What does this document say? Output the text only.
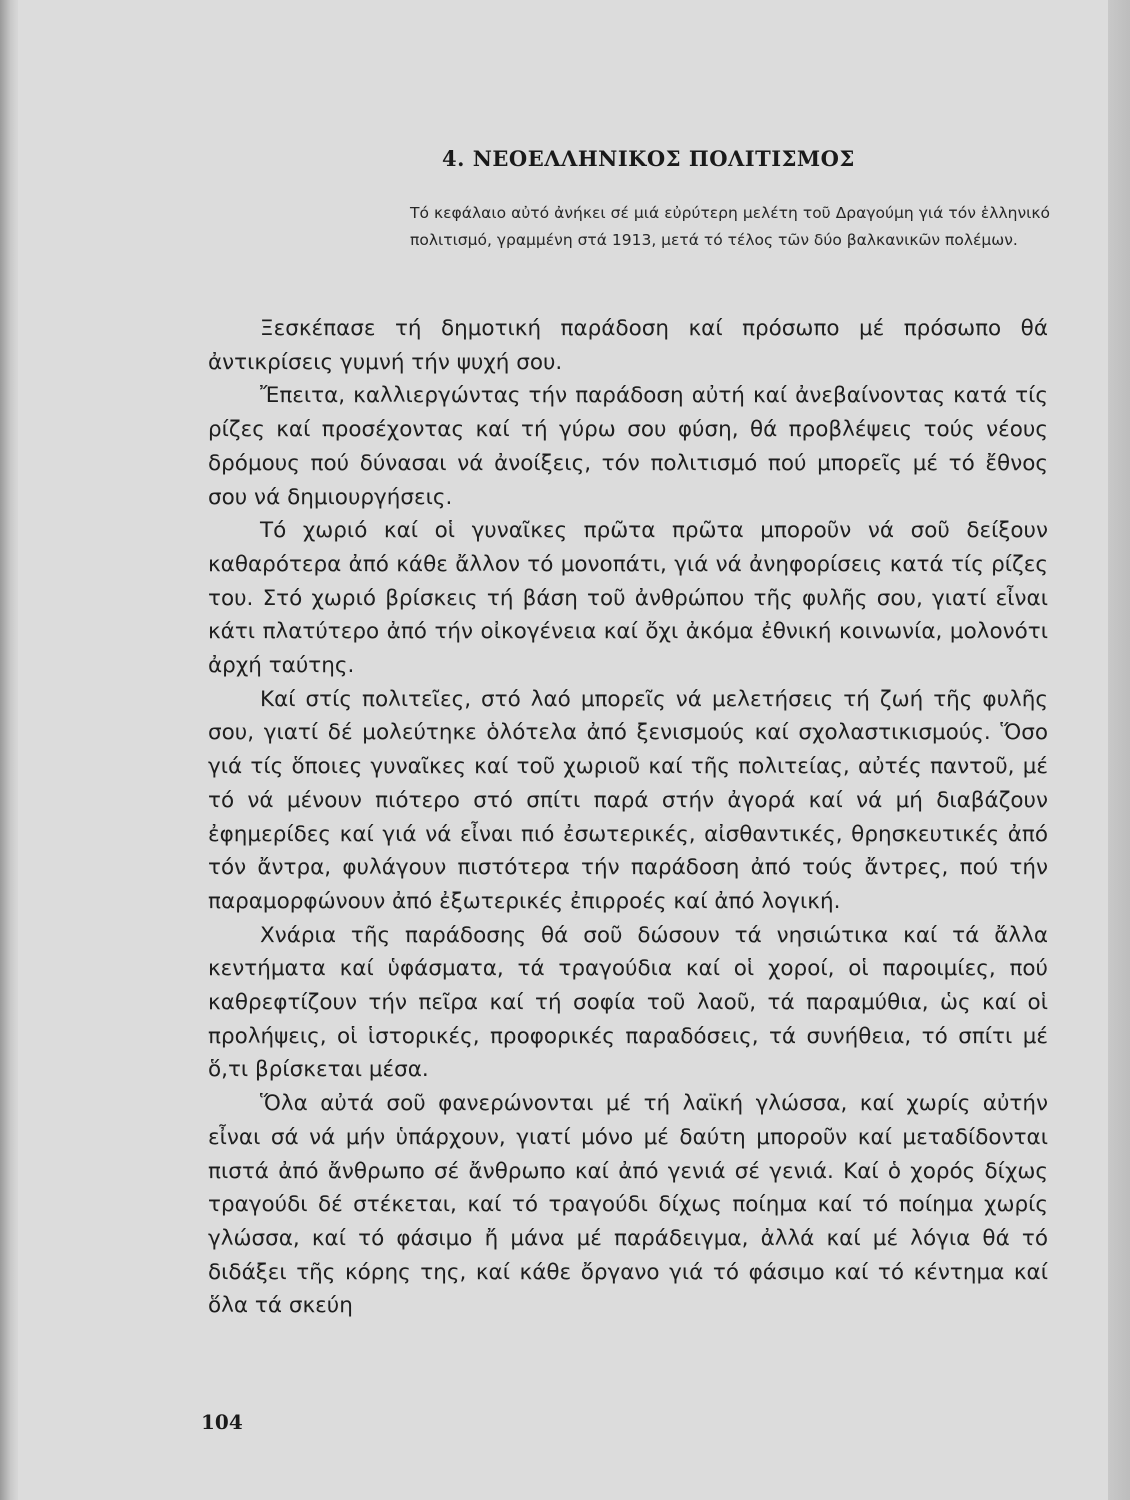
4. ΝΕΟΕΛΛΗΝΙΚΟΣ ΠΟΛΙΤΙΣΜΟΣ

Τό κεφάλαιο αὐτό ἀνήκει σέ μιά εὐρύτερη μελέτη τοῦ Δραγούμη γιά τόν ἑλληνικό πολιτισμό, γραμμένη στά 1913, μετά τό τέλος τῶν δύο βαλκανικῶν πολέμων.

Ξεσκέπασε τή δημοτική παράδοση καί πρόσωπο μέ πρόσωπο θά ἀντικρίσεις γυμνή τήν ψυχή σου.

Ἔπειτα, καλλιεργώντας τήν παράδοση αὐτή καί ἀνεβαίνοντας κατά τίς ρίζες καί προσέχοντας καί τή γύρω σου φύση, θά προβλέψεις τούς νέους δρόμους πού δύνασαι νά ἀνοίξεις, τόν πολιτισμό πού μπορεῖς μέ τό ἔθνος σου νά δημιουργήσεις.

Τό χωριό καί οἱ γυναῖκες πρῶτα πρῶτα μποροῦν νά σοῦ δείξουν καθαρότερα ἀπό κάθε ἄλλον τό μονοπάτι, γιά νά ἀνηφορίσεις κατά τίς ρίζες του. Στό χωριό βρίσκεις τή βάση τοῦ ἀνθρώπου τῆς φυλῆς σου, γιατί εἶναι κάτι πλατύτερο ἀπό τήν οἰκογένεια καί ὄχι ἀκόμα ἐθνική κοινωνία, μολονότι ἀρχή ταύτης.

Καί στίς πολιτεῖες, στό λαό μπορεῖς νά μελετήσεις τή ζωή τῆς φυλῆς σου, γιατί δέ μολεύτηκε ὁλότελα ἀπό ξενισμούς καί σχολαστικισμούς. Ὅσο γιά τίς ὅποιες γυναῖκες καί τοῦ χωριοῦ καί τῆς πολιτείας, αὐτές παντοῦ, μέ τό νά μένουν πιότερο στό σπίτι παρά στήν ἀγορά καί νά μή διαβάζουν ἐφημερίδες καί γιά νά εἶναι πιό ἐσωτερικές, αἰσθαντικές, θρησκευτικές ἀπό τόν ἄντρα, φυλάγουν πιστότερα τήν παράδοση ἀπό τούς ἄντρες, πού τήν παραμορφώνουν ἀπό ἐξωτερικές ἐπιρροές καί ἀπό λογική.

Χνάρια τῆς παράδοσης θά σοῦ δώσουν τά νησιώτικα καί τά ἄλλα κεντήματα καί ὑφάσματα, τά τραγούδια καί οἱ χοροί, οἱ παροιμίες, πού καθρεφτίζουν τήν πεῖρα καί τή σοφία τοῦ λαοῦ, τά παραμύθια, ὡς καί οἱ προλήψεις, οἱ ἱστορικές, προφορικές παραδόσεις, τά συνήθεια, τό σπίτι μέ ὅ,τι βρίσκεται μέσα.

Ὅλα αὐτά σοῦ φανερώνονται μέ τή λαϊκή γλώσσα, καί χωρίς αὐτήν εἶναι σά νά μήν ὑπάρχουν, γιατί μόνο μέ δαύτη μποροῦν καί μεταδίδονται πιστά ἀπό ἄνθρωπο σέ ἄνθρωπο καί ἀπό γενιά σέ γενιά. Καί ὁ χορός δίχως τραγούδι δέ στέκεται, καί τό τραγούδι δίχως ποίημα καί τό ποίημα χωρίς γλώσσα, καί τό φάσιμο ἤ μάνα μέ παράδειγμα, ἀλλά καί μέ λόγια θά τό διδάξει τῆς κόρης της, καί κάθε ὄργανο γιά τό φάσιμο καί τό κέντημα καί ὅλα τά σκεύη

104
